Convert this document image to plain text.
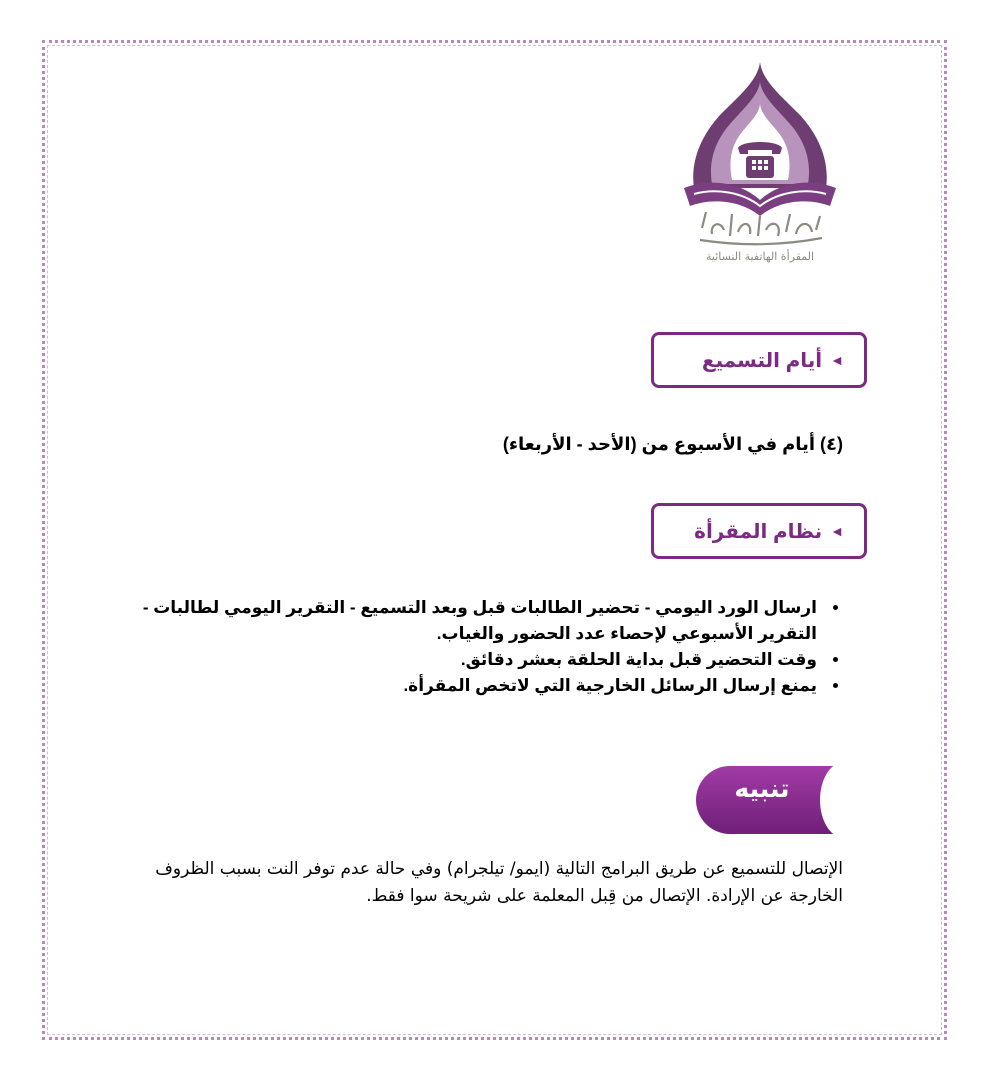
المقرأة الهاتفية النسائية
◄
أيام التسميع
(٤) أيام في الأسبوع من (الأحد - الأربعاء)
◄
نظام المقرأة
• ارسال الورد اليومي - تحضير الطالبات قبل وبعد التسميع - التقرير اليومي لطالبات - التقرير الأسبوعي لإحصاء عدد الحضور والغياب.
• وقت التحضير قبل بداية الحلقة بعشر دقائق.
• يمنع إرسال الرسائل الخارجية التي لاتخص المقرأة.
تنبيه
الإتصال للتسميع عن طريق البرامج التالية (ايمو/ تيلجرام) وفي حالة عدم توفر النت بسبب الظروف الخارجة عن الإرادة. الإتصال من قِبل المعلمة على شريحة سوا فقط.
